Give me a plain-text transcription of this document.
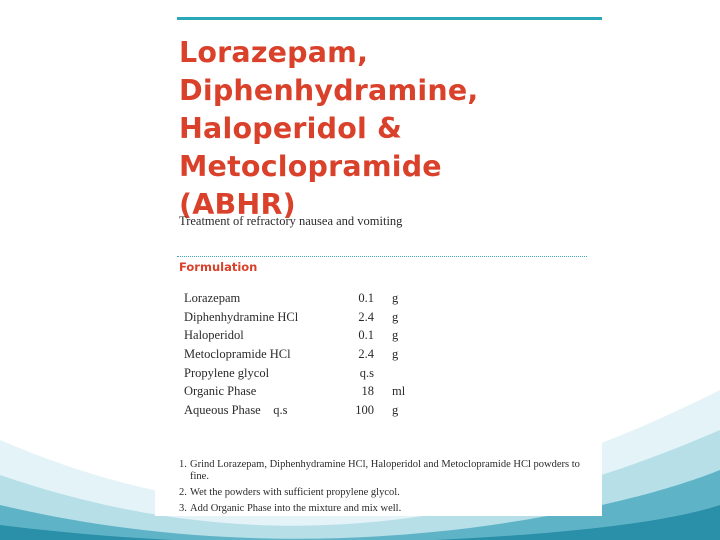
Lorazepam,
Diphenhydramine,
Haloperidol &
Metoclopramide
(ABHR)
Treatment of refractory nausea and vomiting
Formulation
Lorazepam	0.1 g
Diphenhydramine HCl	2.4 g
Haloperidol	0.1 g
Metoclopramide HCl	2.4 g
Propylene glycol	q.s
Organic Phase	18 ml
Aqueous Phase    q.s	100 g
1. Grind Lorazepam, Diphenhydramine HCl, Haloperidol and Metoclopramide HCl powders to fine.
2. Wet the powders with sufficient propylene glycol.
3. Add Organic Phase into the mixture and mix well.
